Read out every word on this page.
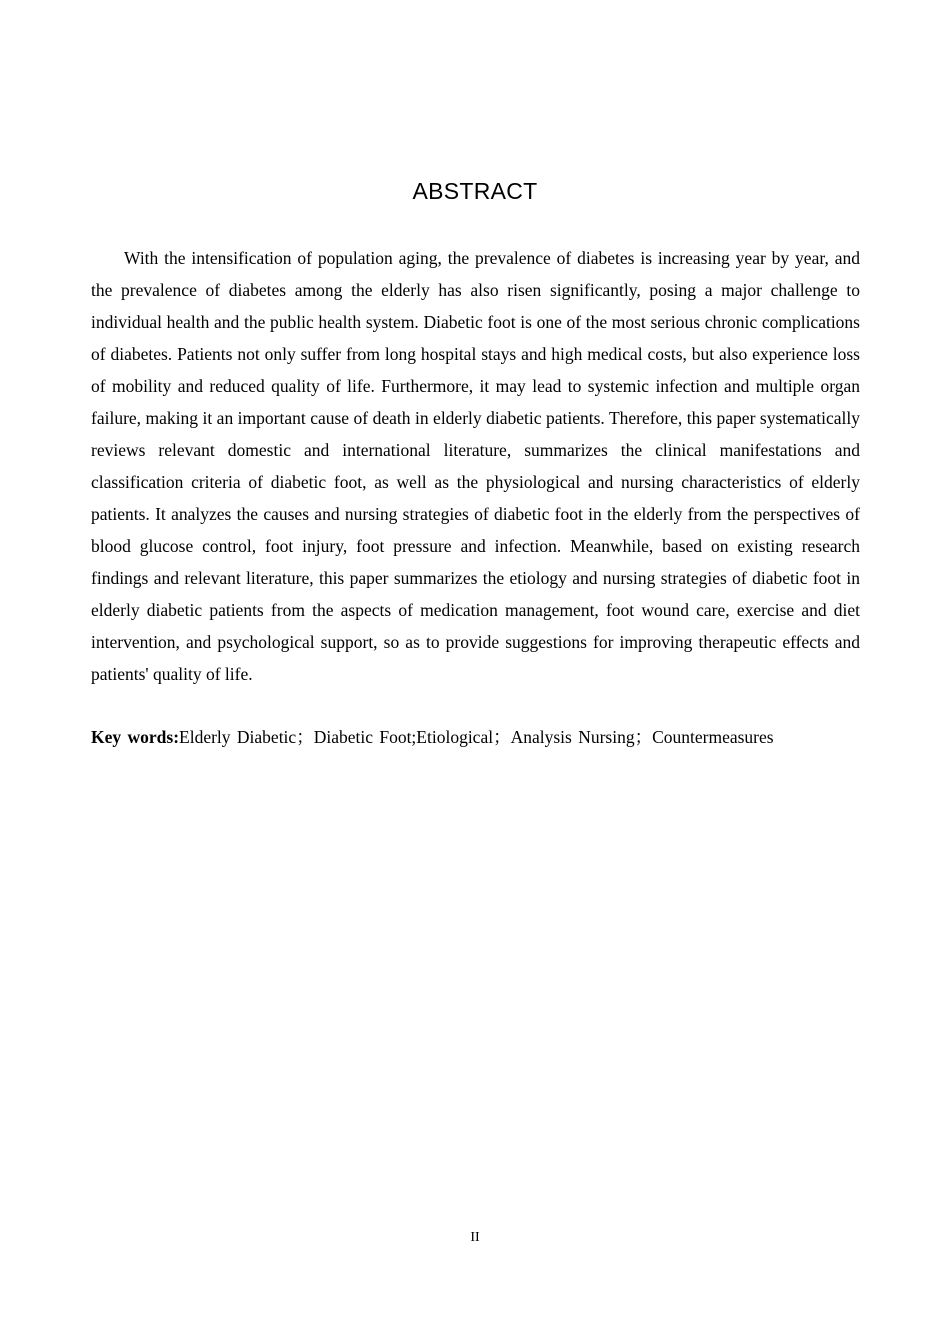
ABSTRACT

With the intensification of population aging, the prevalence of diabetes is increasing year by year, and the prevalence of diabetes among the elderly has also risen significantly, posing a major challenge to individual health and the public health system. Diabetic foot is one of the most serious chronic complications of diabetes. Patients not only suffer from long hospital stays and high medical costs, but also experience loss of mobility and reduced quality of life. Furthermore, it may lead to systemic infection and multiple organ failure, making it an important cause of death in elderly diabetic patients. Therefore, this paper systematically reviews relevant domestic and international literature, summarizes the clinical manifestations and classification criteria of diabetic foot, as well as the physiological and nursing characteristics of elderly patients. It analyzes the causes and nursing strategies of diabetic foot in the elderly from the perspectives of blood glucose control, foot injury, foot pressure and infection. Meanwhile, based on existing research findings and relevant literature, this paper summarizes the etiology and nursing strategies of diabetic foot in elderly diabetic patients from the aspects of medication management, foot wound care, exercise and diet intervention, and psychological support, so as to provide suggestions for improving therapeutic effects and patients' quality of life.

Key words:Elderly Diabetic；Diabetic Foot;Etiological；Analysis Nursing；Countermeasures

II
